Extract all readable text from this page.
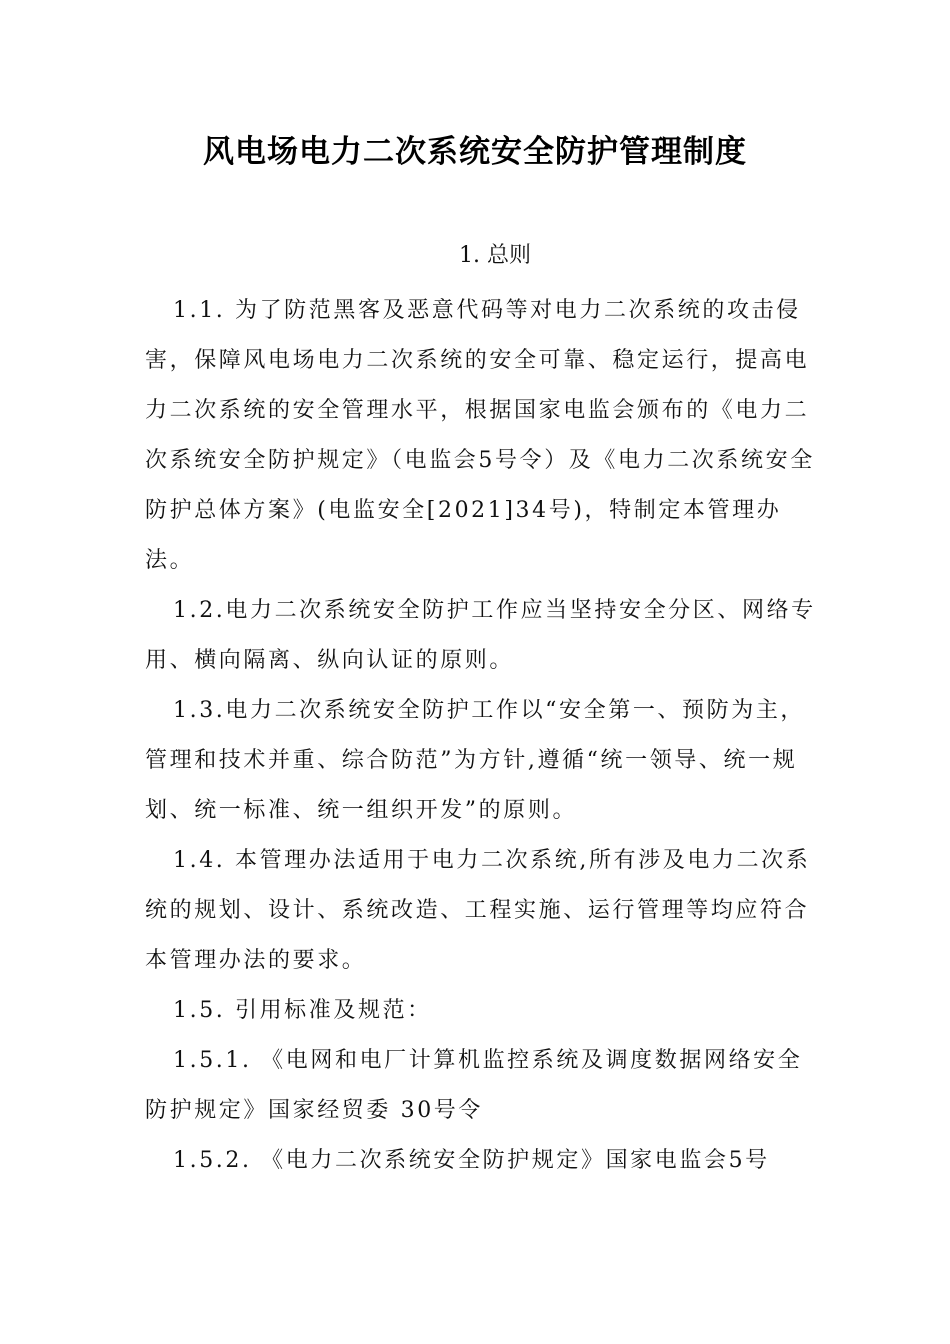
风电场电力二次系统安全防护管理制度
1. 总则

1.1. 为了防范黑客及恶意代码等对电力二次系统的攻击侵害，保障风电场电力二次系统的安全可靠、稳定运行，提高电力二次系统的安全管理水平，根据国家电监会颁布的《电力二次系统安全防护规定》（电监会5号令）及《电力二次系统安全防护总体方案》(电监安全[2021]34号)，特制定本管理办法。

1.2.电力二次系统安全防护工作应当坚持安全分区、网络专用、横向隔离、纵向认证的原则。

1.3.电力二次系统安全防护工作以“安全第一、预防为主，管理和技术并重、综合防范”为方针,遵循“统一领导、统一规划、统一标准、统一组织开发”的原则。

1.4. 本管理办法适用于电力二次系统,所有涉及电力二次系统的规划、设计、系统改造、工程实施、运行管理等均应符合本管理办法的要求。

1.5. 引用标准及规范：

1.5.1. 《电网和电厂计算机监控系统及调度数据网络安全防护规定》国家经贸委 30号令

1.5.2. 《电力二次系统安全防护规定》国家电监会5号
